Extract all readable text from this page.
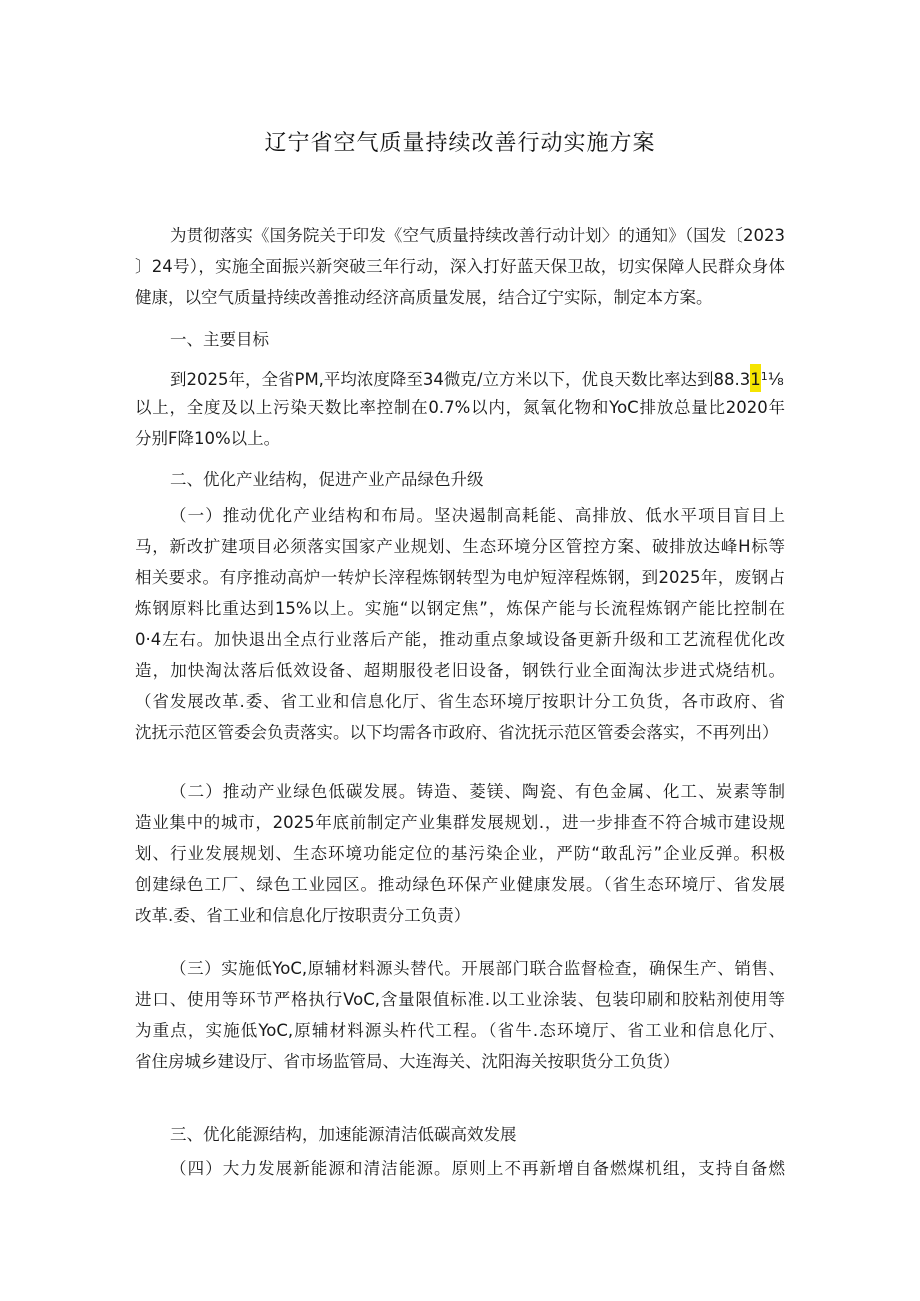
辽宁省空气质量持续改善行动实施方案
为贯彻落实《国务院关于印发《空气质量持续改善行动计划〉的通知》（国发〔2023
〕24号），实施全面振兴新突破三年行动，深入打好蓝天保卫故，切实保障人民群众身体
健康，以空气质量持续改善推动经济高质量发展，结合辽宁实际，制定本方案。
一、主要目标
到2025年，全省PM,平均浓度降至34微克/立方米以下，优良天数比率达到88.31$^1$⅛
以上，全度及以上污染天数比率控制在0.7%以内，氮氧化物和YoC排放总量比2020年
分别F降10%以上。
二、优化产业结构，促进产业产品绿色升级
（一）推动优化产业结构和布局。坚决遏制高耗能、高排放、低水平项目盲目上
马，新改扩建项目必须落实国家产业规划、生态环境分区管控方案、破排放达峰H标等
相关要求。有序推动高炉一转炉长滓程炼钢转型为电炉短滓程炼钢，到2025年，废钢占
炼钢原料比重达到15%以上。实施“以钢定焦”，炼保产能与长流程炼钢产能比控制在
0·4左右。加快退出全点行业落后产能，推动重点象域设备更新升级和工艺流程优化改
造，加快淘汰落后低效设备、超期服役老旧设备，钢铁行业全面淘汰步进式烧结机。
（省发展改革.委、省工业和信息化厅、省生态环境厅按职计分工负货，各市政府、省
沈抚示范区管委会负责落实。以下均需各市政府、省沈抚示范区管委会落实，不再列出）
（二）推动产业绿色低碳发展。铸造、菱镁、陶瓷、有色金属、化工、炭素等制
造业集中的城市，2025年底前制定产业集群发展规划.，进一步排查不符合城市建设规
划、行业发展规划、生态环境功能定位的基污染企业，严防“敢乱污”企业反弹。积极
创建绿色工厂、绿色工业园区。推动绿色环保产业健康发展。（省生态环境厅、省发展
改革.委、省工业和信息化厅按职责分工负责）
（三）实施低YoC,原辅材料源头替代。开展部门联合监督检查，确保生产、销售、
进口、使用等环节严格执行VoC,含量限值标准.以工业涂装、包装印刷和胶粘剂使用等
为重点，实施低YoC,原辅材料源头杵代工程。（省牛.态环境厅、省工业和信息化厅、
省住房城乡建设厅、省市场监管局、大连海关、沈阳海关按职货分工负货）
三、优化能源结构，加速能源清洁低碳高效发展
（四）大力发展新能源和清洁能源。原则上不再新增自备燃煤机组，支持自备燃
